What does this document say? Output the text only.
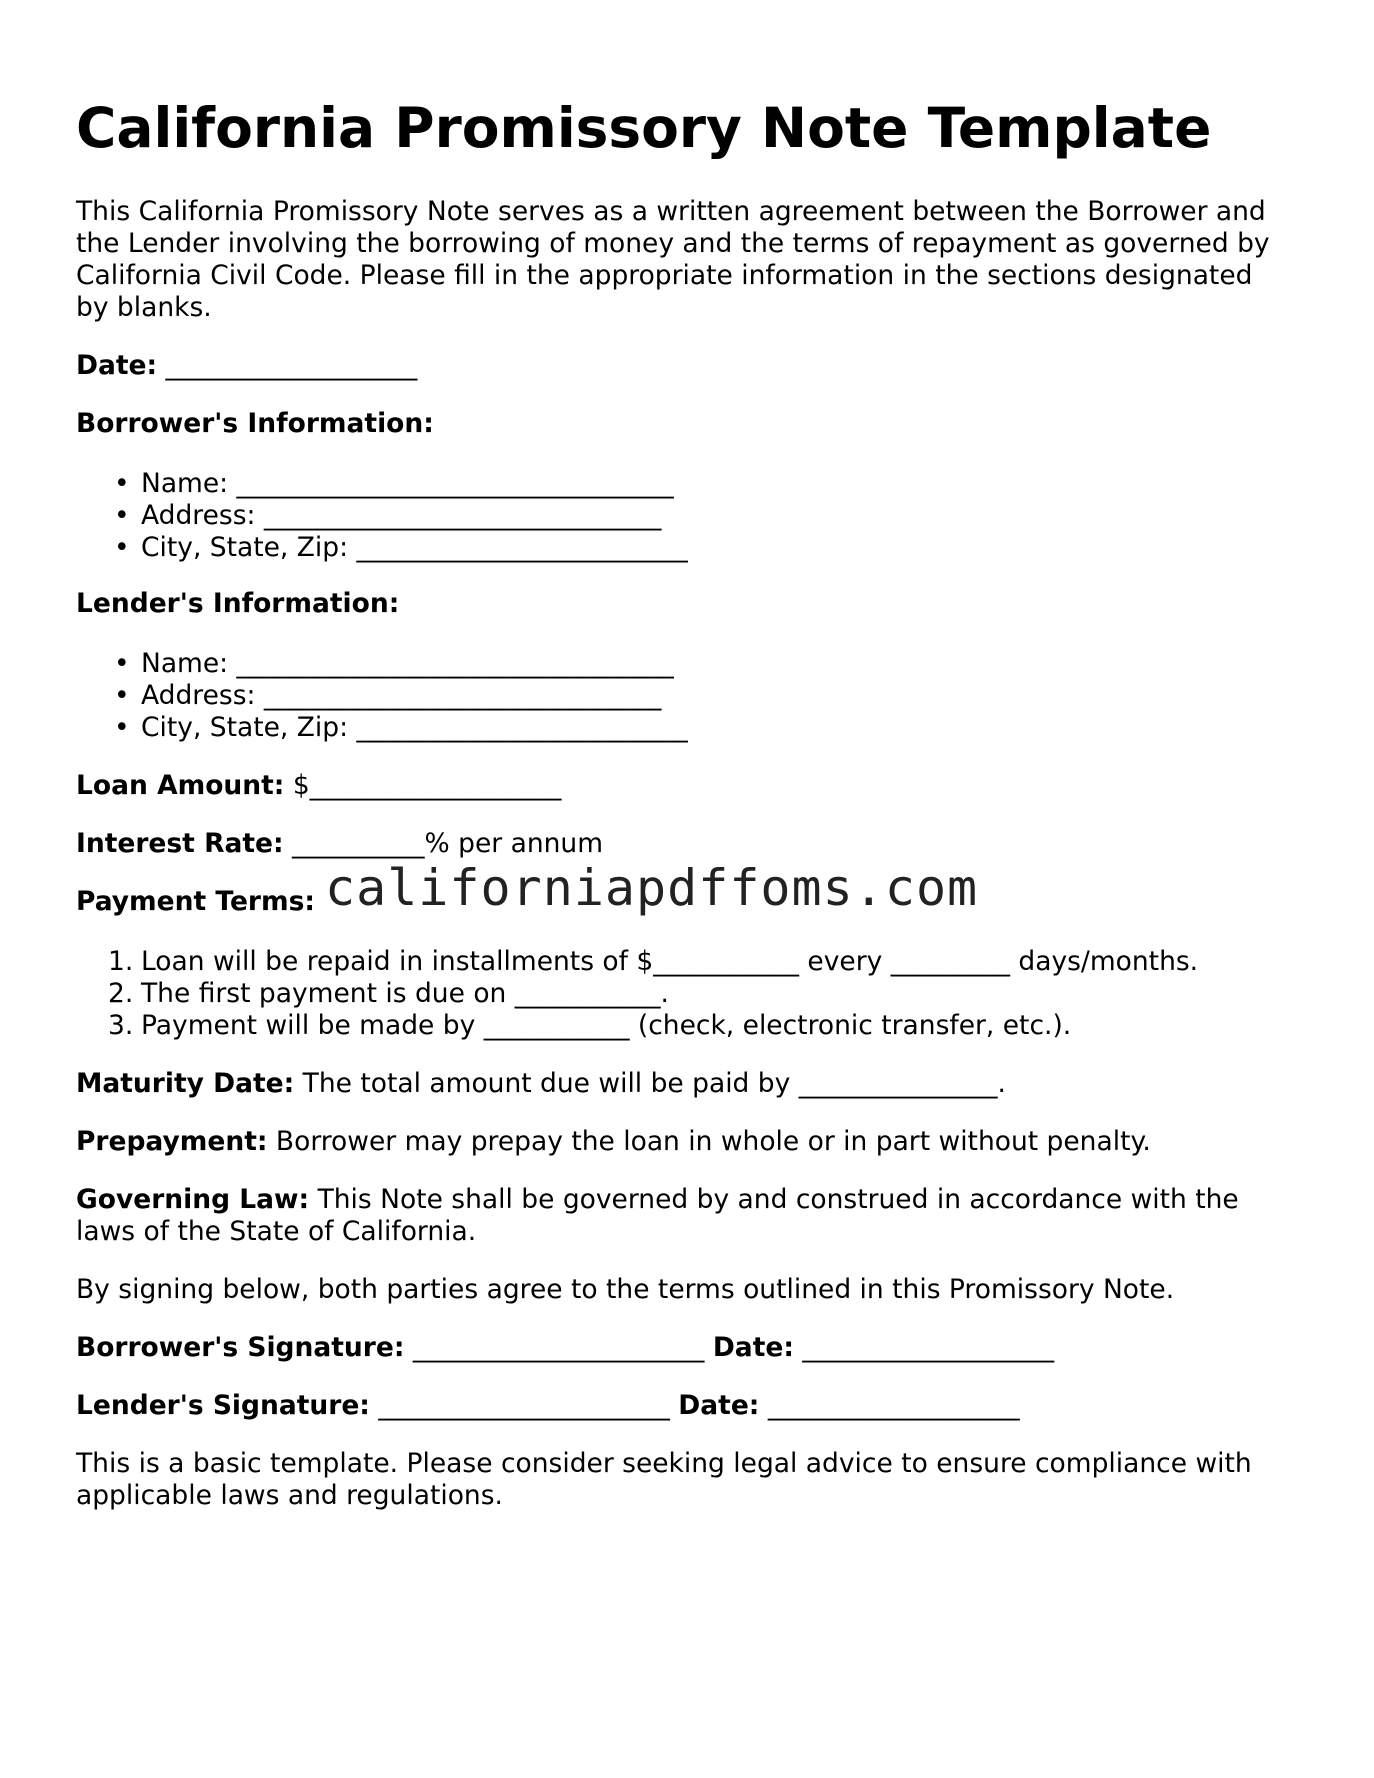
California Promissory Note Template
This California Promissory Note serves as a written agreement between the Borrower and
the Lender involving the borrowing of money and the terms of repayment as governed by
California Civil Code. Please fill in the appropriate information in the sections designated
by blanks.
Date: ___________________
Borrower's Information:
• Name: _________________________________
• Address: ______________________________
• City, State, Zip: _________________________
Lender's Information:
• Name: _________________________________
• Address: ______________________________
• City, State, Zip: _________________________
Loan Amount: $___________________
Interest Rate: __________% per annum
Payment Terms:
1. Loan will be repaid in installments of $___________ every _________ days/months.
2. The first payment is due on ___________.
3. Payment will be made by ___________ (check, electronic transfer, etc.).
Maturity Date: The total amount due will be paid by _______________.
Prepayment: Borrower may prepay the loan in whole or in part without penalty.
Governing Law: This Note shall be governed by and construed in accordance with the
laws of the State of California.
By signing below, both parties agree to the terms outlined in this Promissory Note.
Borrower's Signature: ______________________ Date: ___________________
Lender's Signature: ______________________ Date: ___________________
This is a basic template. Please consider seeking legal advice to ensure compliance with
applicable laws and regulations.
californiapdffoms.com
